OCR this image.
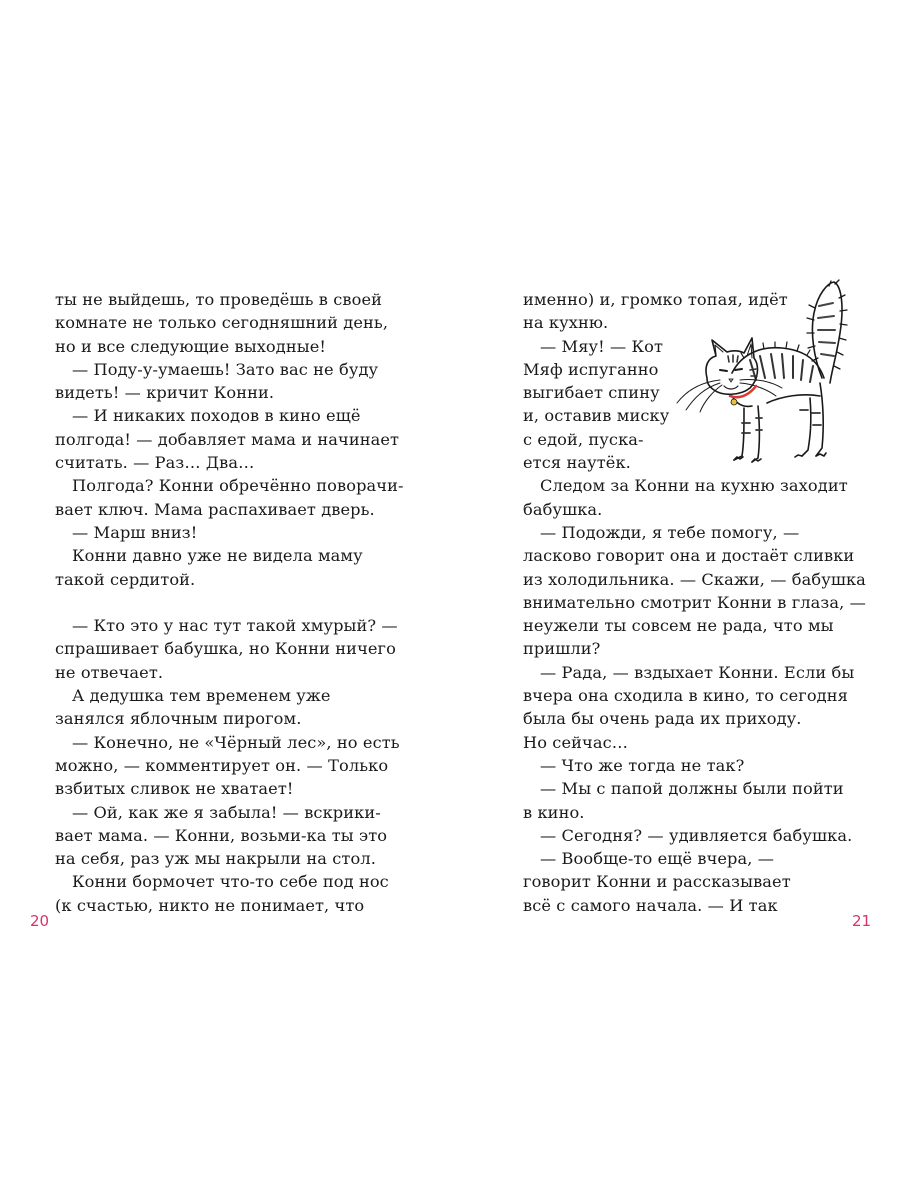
ты не выйдешь, то проведёшь в своей
комнате не только сегодняшний день,
но и все следующие выходные!
— Поду-у-умаешь! Зато вас не буду
видеть! — кричит Конни.
— И никаких походов в кино ещё
полгода! — добавляет мама и начинает
считать. — Раз… Два…
Полгода? Конни обречённо поворачи-
вает ключ. Мама распахивает дверь.
— Марш вниз!
Конни давно уже не видела маму
такой сердитой.
— Кто это у нас тут такой хмурый? —
спрашивает бабушка, но Конни ничего
не отвечает.
А дедушка тем временем уже
занялся яблочным пирогом.
— Конечно, не «Чёрный лес», но есть
можно, — комментирует он. — Только
взбитых сливок не хватает!
— Ой, как же я забыла! — вскрики-
вает мама. — Конни, возьми-ка ты это
на себя, раз уж мы накрыли на стол.
Конни бормочет что-то себе под нос
(к счастью, никто не понимает, что
20
именно) и, громко топая, идёт
на кухню.
— Мяу! — Кот
Мяф испуганно
выгибает спину
и, оставив миску
с едой, пуска-
ется наутёк.
Следом за Конни на кухню заходит
бабушка.
— Подожди, я тебе помогу, —
ласково говорит она и достаёт сливки
из холодильника. — Скажи, — бабушка
внимательно смотрит Конни в глаза, —
неужели ты совсем не рада, что мы
пришли?
— Рада, — вздыхает Конни. Если бы
вчера она сходила в кино, то сегодня
была бы очень рада их приходу.
Но сейчас…
— Что же тогда не так?
— Мы с папой должны были пойти
в кино.
— Сегодня? — удивляется бабушка.
— Вообще-то ещё вчера, —
говорит Конни и рассказывает
всё с самого начала. — И так
21
